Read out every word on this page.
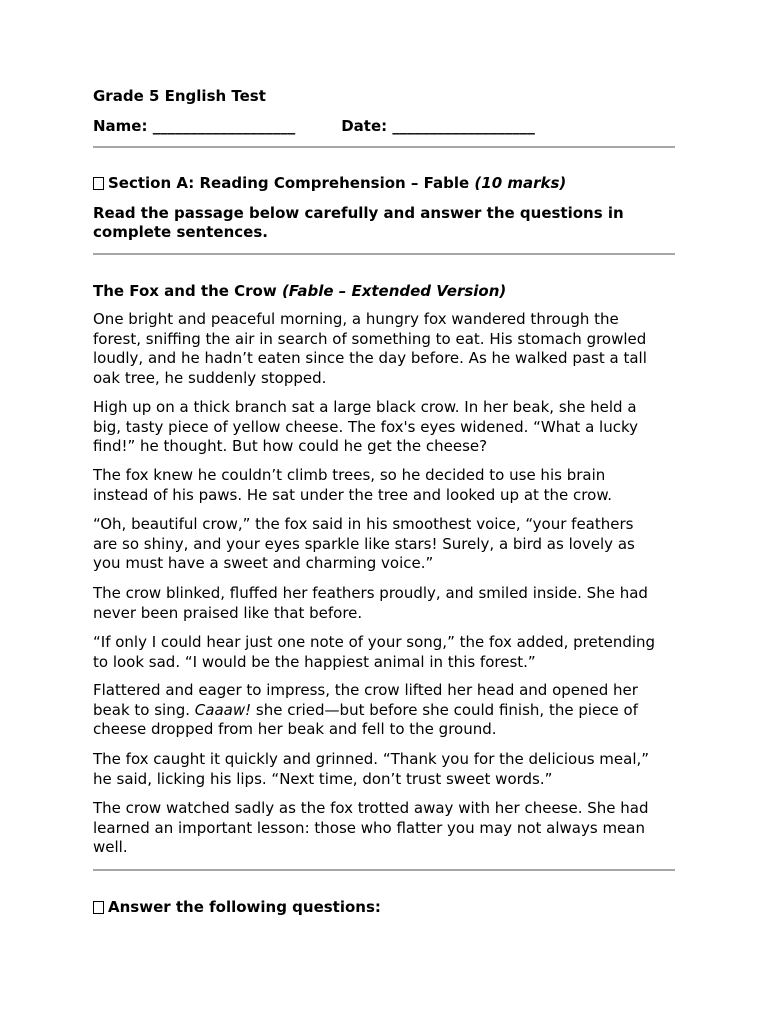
Grade 5 English Test
Name: ___________________	Date: ___________________
Section A: Reading Comprehension – Fable (10 marks)
Read the passage below carefully and answer the questions in
complete sentences.
The Fox and the Crow (Fable – Extended Version)
One bright and peaceful morning, a hungry fox wandered through the
forest, sniffing the air in search of something to eat. His stomach growled
loudly, and he hadn’t eaten since the day before. As he walked past a tall
oak tree, he suddenly stopped.
High up on a thick branch sat a large black crow. In her beak, she held a
big, tasty piece of yellow cheese. The fox's eyes widened. “What a lucky
find!” he thought. But how could he get the cheese?
The fox knew he couldn’t climb trees, so he decided to use his brain
instead of his paws. He sat under the tree and looked up at the crow.
“Oh, beautiful crow,” the fox said in his smoothest voice, “your feathers
are so shiny, and your eyes sparkle like stars! Surely, a bird as lovely as
you must have a sweet and charming voice.”
The crow blinked, fluffed her feathers proudly, and smiled inside. She had
never been praised like that before.
“If only I could hear just one note of your song,” the fox added, pretending
to look sad. “I would be the happiest animal in this forest.”
Flattered and eager to impress, the crow lifted her head and opened her
beak to sing. Caaaw! she cried—but before she could finish, the piece of
cheese dropped from her beak and fell to the ground.
The fox caught it quickly and grinned. “Thank you for the delicious meal,”
he said, licking his lips. “Next time, don’t trust sweet words.”
The crow watched sadly as the fox trotted away with her cheese. She had
learned an important lesson: those who flatter you may not always mean
well.
Answer the following questions:
